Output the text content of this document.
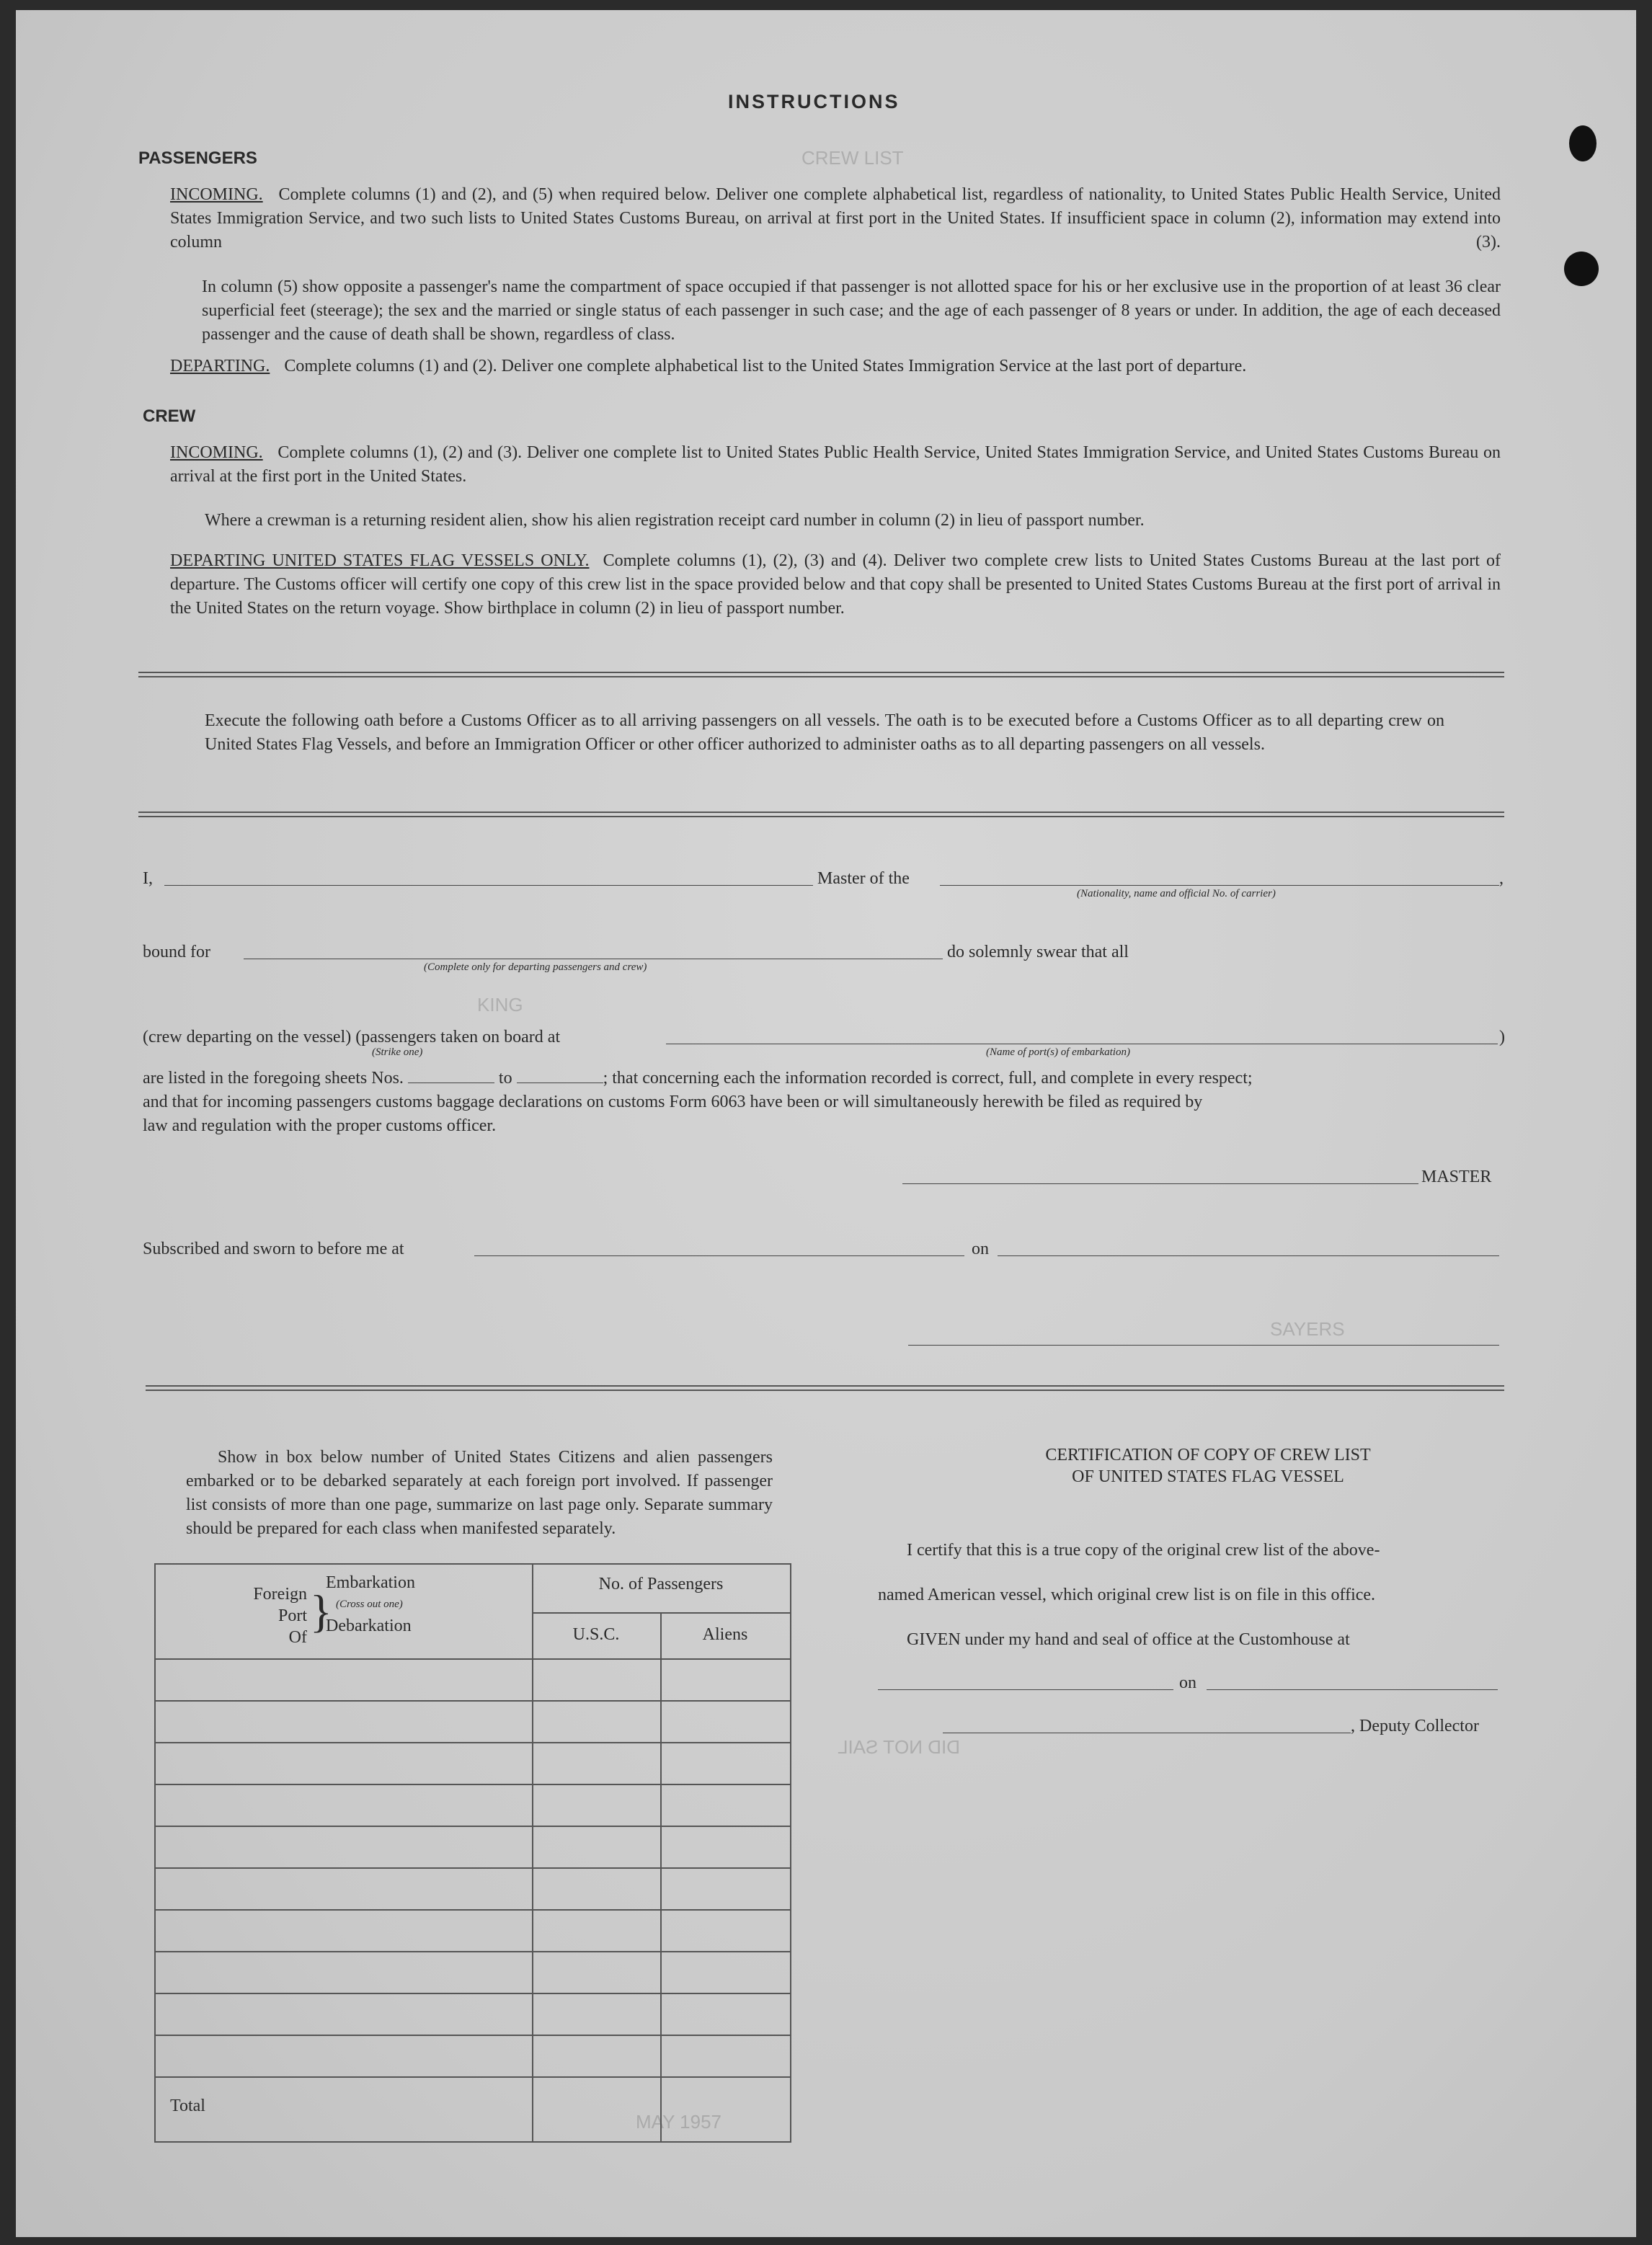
CREW LIST
KING
DID NOT SAIL
MAY 1957
SAYERS
INSTRUCTIONS
PASSENGERS
INCOMING. Complete columns (1) and (2), and (5) when required below. Deliver one complete alphabetical list, regardless of nationality, to United States Public Health Service, United States Immigration Service, and two such lists to United States Customs Bureau, on arrival at first port in the United States. If insufficient space in column (2), information may extend into column (3).
In column (5) show opposite a passenger's name the compartment of space occupied if that passenger is not allotted space for his or her exclusive use in the proportion of at least 36 clear superficial feet (steerage); the sex and the married or single status of each passenger in such case; and the age of each passenger of 8 years or under. In addition, the age of each deceased passenger and the cause of death shall be shown, regardless of class.
DEPARTING. Complete columns (1) and (2). Deliver one complete alphabetical list to the United States Immigration Service at the last port of departure.
CREW
INCOMING. Complete columns (1), (2) and (3). Deliver one complete list to United States Public Health Service, United States Immigration Service, and United States Customs Bureau on arrival at the first port in the United States.
Where a crewman is a returning resident alien, show his alien registration receipt card number in column (2) in lieu of passport number.
DEPARTING UNITED STATES FLAG VESSELS ONLY. Complete columns (1), (2), (3) and (4). Deliver two complete crew lists to United States Customs Bureau at the last port of departure. The Customs officer will certify one copy of this crew list in the space provided below and that copy shall be presented to United States Customs Bureau at the first port of arrival in the United States on the return voyage. Show birthplace in column (2) in lieu of passport number.
Execute the following oath before a Customs Officer as to all arriving passengers on all vessels. The oath is to be executed before a Customs Officer as to all departing crew on United States Flag Vessels, and before an Immigration Officer or other officer authorized to administer oaths as to all departing passengers on all vessels.
I,	Master of the	,
(Nationality, name and official No. of carrier)
bound for	do solemnly swear that all
(Complete only for departing passengers and crew)
(crew departing on the vessel) (passengers taken on board at	)
(Strike one)	(Name of port(s) of embarkation)
are listed in the foregoing sheets Nos.	to	; that concerning each the information recorded is correct, full, and complete in every respect;
and that for incoming passengers customs baggage declarations on customs Form 6063 have been or will simultaneously herewith be filed as required by
law and regulation with the proper customs officer.
MASTER
Subscribed and sworn to before me at	on
Show in box below number of United States Citizens and alien passengers embarked or to be debarked separately at each foreign port involved. If passenger list consists of more than one page, summarize on last page only. Separate summary should be prepared for each class when manifested separately.
Foreign
Port
Of
}
Embarkation
(Cross out one)
Debarkation
No. of Passengers
U.S.C.	Aliens
Total
CERTIFICATION OF COPY OF CREW LIST
OF UNITED STATES FLAG VESSEL
I certify that this is a true copy of the original crew list of the above-
named American vessel, which original crew list is on file in this office.
GIVEN under my hand and seal of office at the Customhouse at
on
, Deputy Collector
